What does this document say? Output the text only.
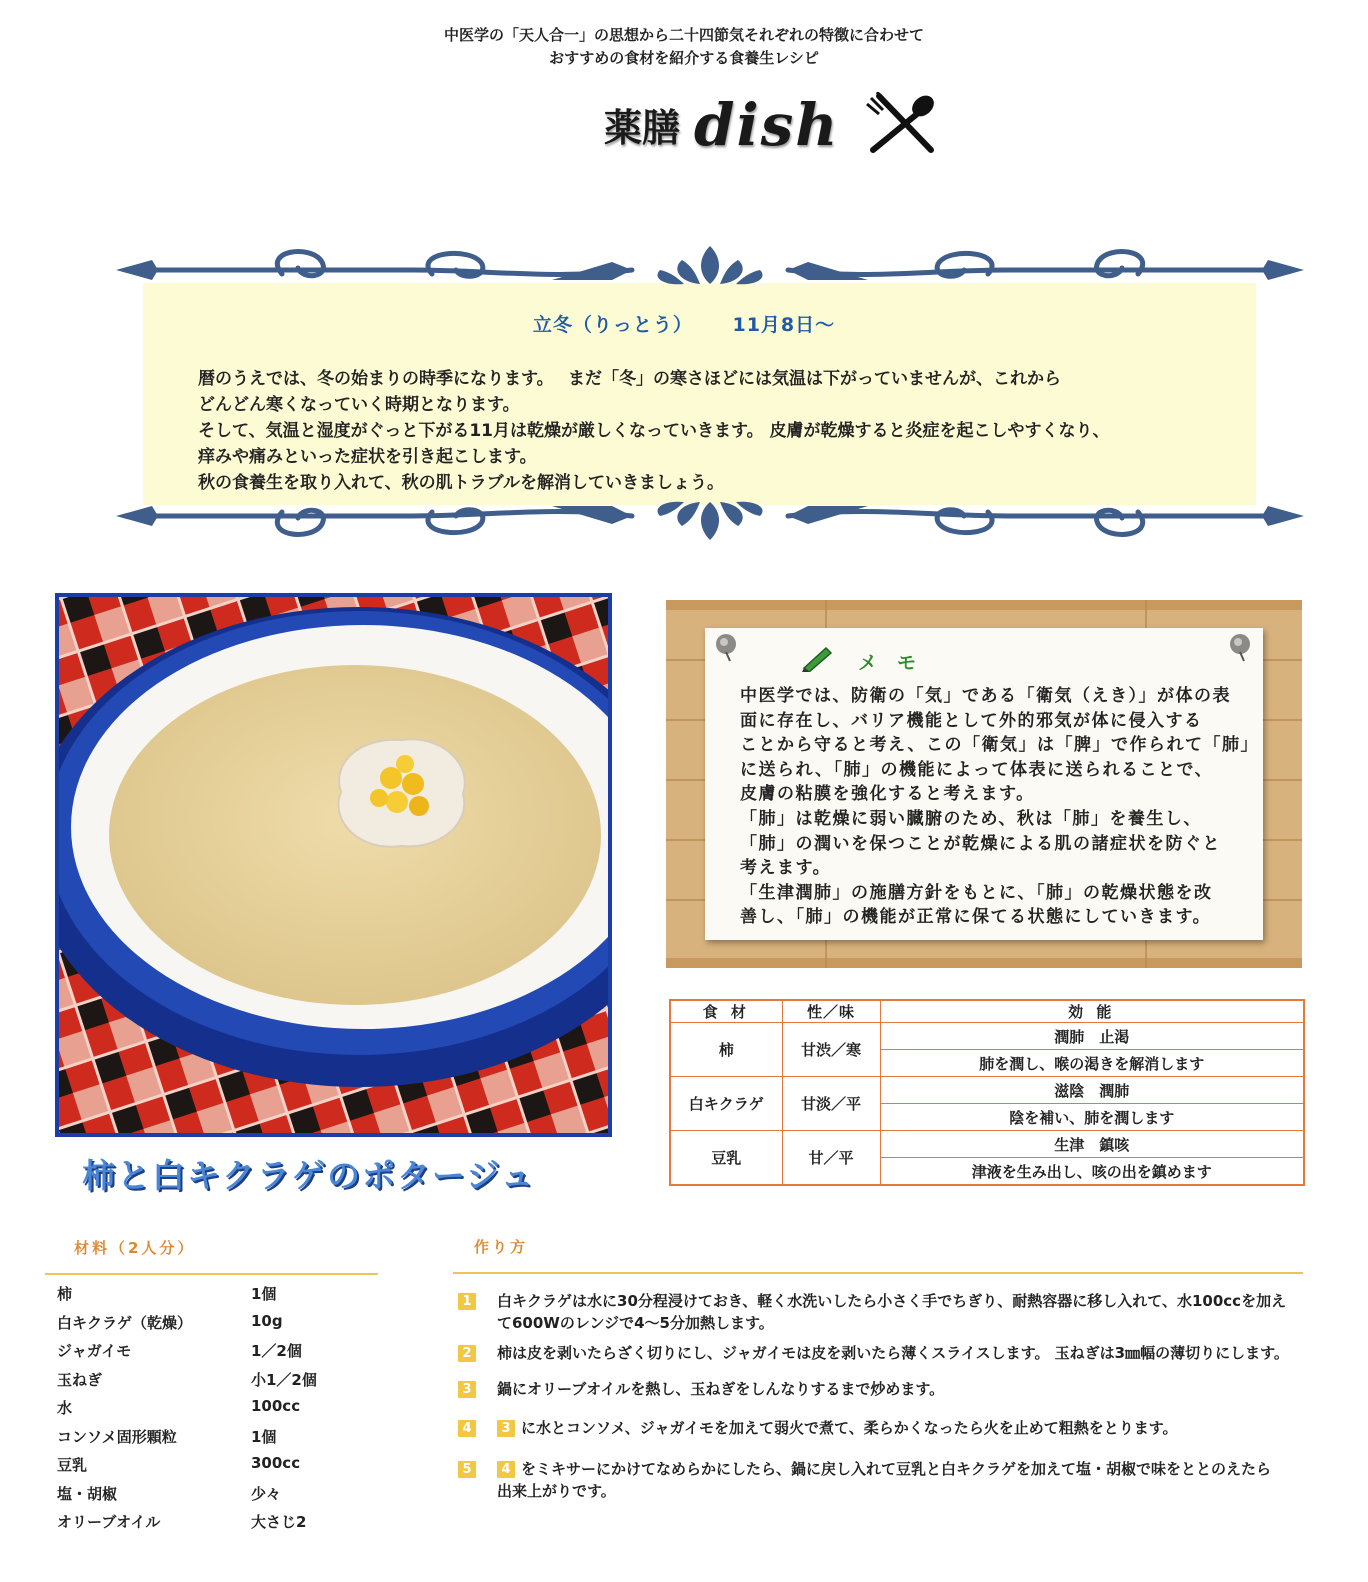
中医学の「天人合一」の思想から二十四節気それぞれの特徴に合わせて
おすすめの食材を紹介する食養生レシピ
薬膳 dish
立冬（りっとう） 11月8日～

暦のうえでは、冬の始まりの時季になります。　 まだ「冬」の寒さほどには気温は下がっていませんが、これから

どんどん寒くなっていく時期となります。

そして、気温と湿度がぐっと下がる11月は乾燥が厳しくなっていきます。 皮膚が乾燥すると炎症を起こしやすくなり、

痒みや痛みといった症状を引き起こします。

秋の食養生を取り入れて、秋の肌トラブルを解消していきましょう。

柿と白キクラゲのポタージュ
メモ

中医学では、防衛の「気」である「衛気（えき）」が体の表

面に存在し、バリア機能として外的邪気が体に侵入する

ことから守ると考え、この「衛気」は「脾」で作られて「肺」

に送られ、「肺」の機能によって体表に送られることで、

皮膚の粘膜を強化すると考えます。

「肺」は乾燥に弱い臓腑のため、秋は「肺」を養生し、

「肺」の潤いを保つことが乾燥による肌の諸症状を防ぐと

考えます。

「生津潤肺」の施膳方針をもとに、「肺」の乾燥状態を改

善し、「肺」の機能が正常に保てる状態にしていきます。

食 材	性／味	効 能
柿	甘渋／寒	潤肺　止渇
		肺を潤し、喉の渇きを解消します
白キクラゲ	甘淡／平	滋陰　潤肺
		陰を補い、肺を潤します
豆乳	甘／平	生津　鎮咳
		津液を生み出し、咳の出を鎮めます
材料（2人分）
柿	1個
白キクラゲ（乾燥）	10g
ジャガイモ	1／2個
玉ねぎ	小1／2個
水	100cc
コンソメ固形顆粒	1個
豆乳	300cc
塩・胡椒	少々
オリーブオイル	大さじ2
作り方
1 白キクラゲは水に30分程浸けておき、軽く水洗いしたら小さく手でちぎり、耐熱容器に移し入れて、水100ccを加え
て600Wのレンジで4～5分加熱します。
2 柿は皮を剥いたらざく切りにし、ジャガイモは皮を剥いたら薄くスライスします。 玉ねぎは3㎜幅の薄切りにします。
3 鍋にオリーブオイルを熱し、玉ねぎをしんなりするまで炒めます。
4	3 に水とコンソメ、ジャガイモを加えて弱火で煮て、柔らかくなったら火を止めて粗熱をとります。
5	4 をミキサーにかけてなめらかにしたら、鍋に戻し入れて豆乳と白キクラゲを加えて塩・胡椒で味をととのえたら
出来上がりです。
